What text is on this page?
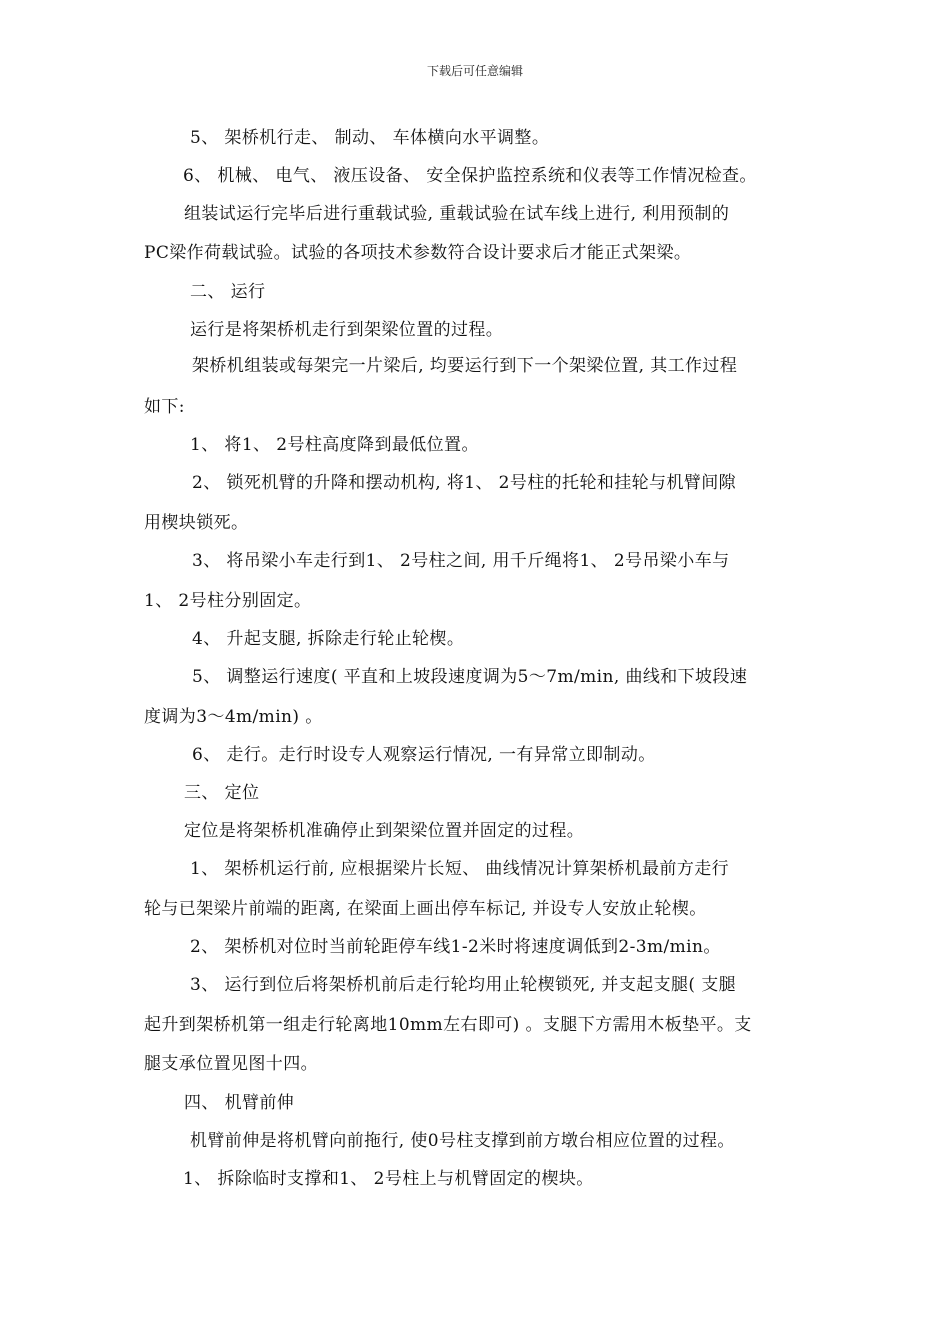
下载后可任意编辑
5、 架桥机行走、 制动、 车体横向水平调整。
6、 机械、 电气、 液压设备、 安全保护监控系统和仪表等工作情况检查。
组装试运行完毕后进行重载试验, 重载试验在试车线上进行, 利用预制的
PC梁作荷载试验。试验的各项技术参数符合设计要求后才能正式架梁。
二、 运行
运行是将架桥机走行到架梁位置的过程。
架桥机组装或每架完一片梁后, 均要运行到下一个架梁位置, 其工作过程
如下:
1、 将1、 2号柱高度降到最低位置。
2、 锁死机臂的升降和摆动机构, 将1、 2号柱的托轮和挂轮与机臂间隙
用楔块锁死。
3、 将吊梁小车走行到1、 2号柱之间, 用千斤绳将1、 2号吊梁小车与
1、 2号柱分别固定。
4、 升起支腿, 拆除走行轮止轮楔。
5、 调整运行速度( 平直和上坡段速度调为5～7m/min, 曲线和下坡段速
度调为3～4m/min) 。
6、 走行。走行时设专人观察运行情况, 一有异常立即制动。
三、 定位
定位是将架桥机准确停止到架梁位置并固定的过程。
1、 架桥机运行前, 应根据梁片长短、 曲线情况计算架桥机最前方走行
轮与已架梁片前端的距离, 在梁面上画出停车标记, 并设专人安放止轮楔。
2、 架桥机对位时当前轮距停车线1-2米时将速度调低到2-3m/min。
3、 运行到位后将架桥机前后走行轮均用止轮楔锁死, 并支起支腿( 支腿
起升到架桥机第一组走行轮离地10mm左右即可) 。支腿下方需用木板垫平。支
腿支承位置见图十四。
四、 机臂前伸
机臂前伸是将机臂向前拖行, 使0号柱支撑到前方墩台相应位置的过程。
1、 拆除临时支撑和1、 2号柱上与机臂固定的楔块。
